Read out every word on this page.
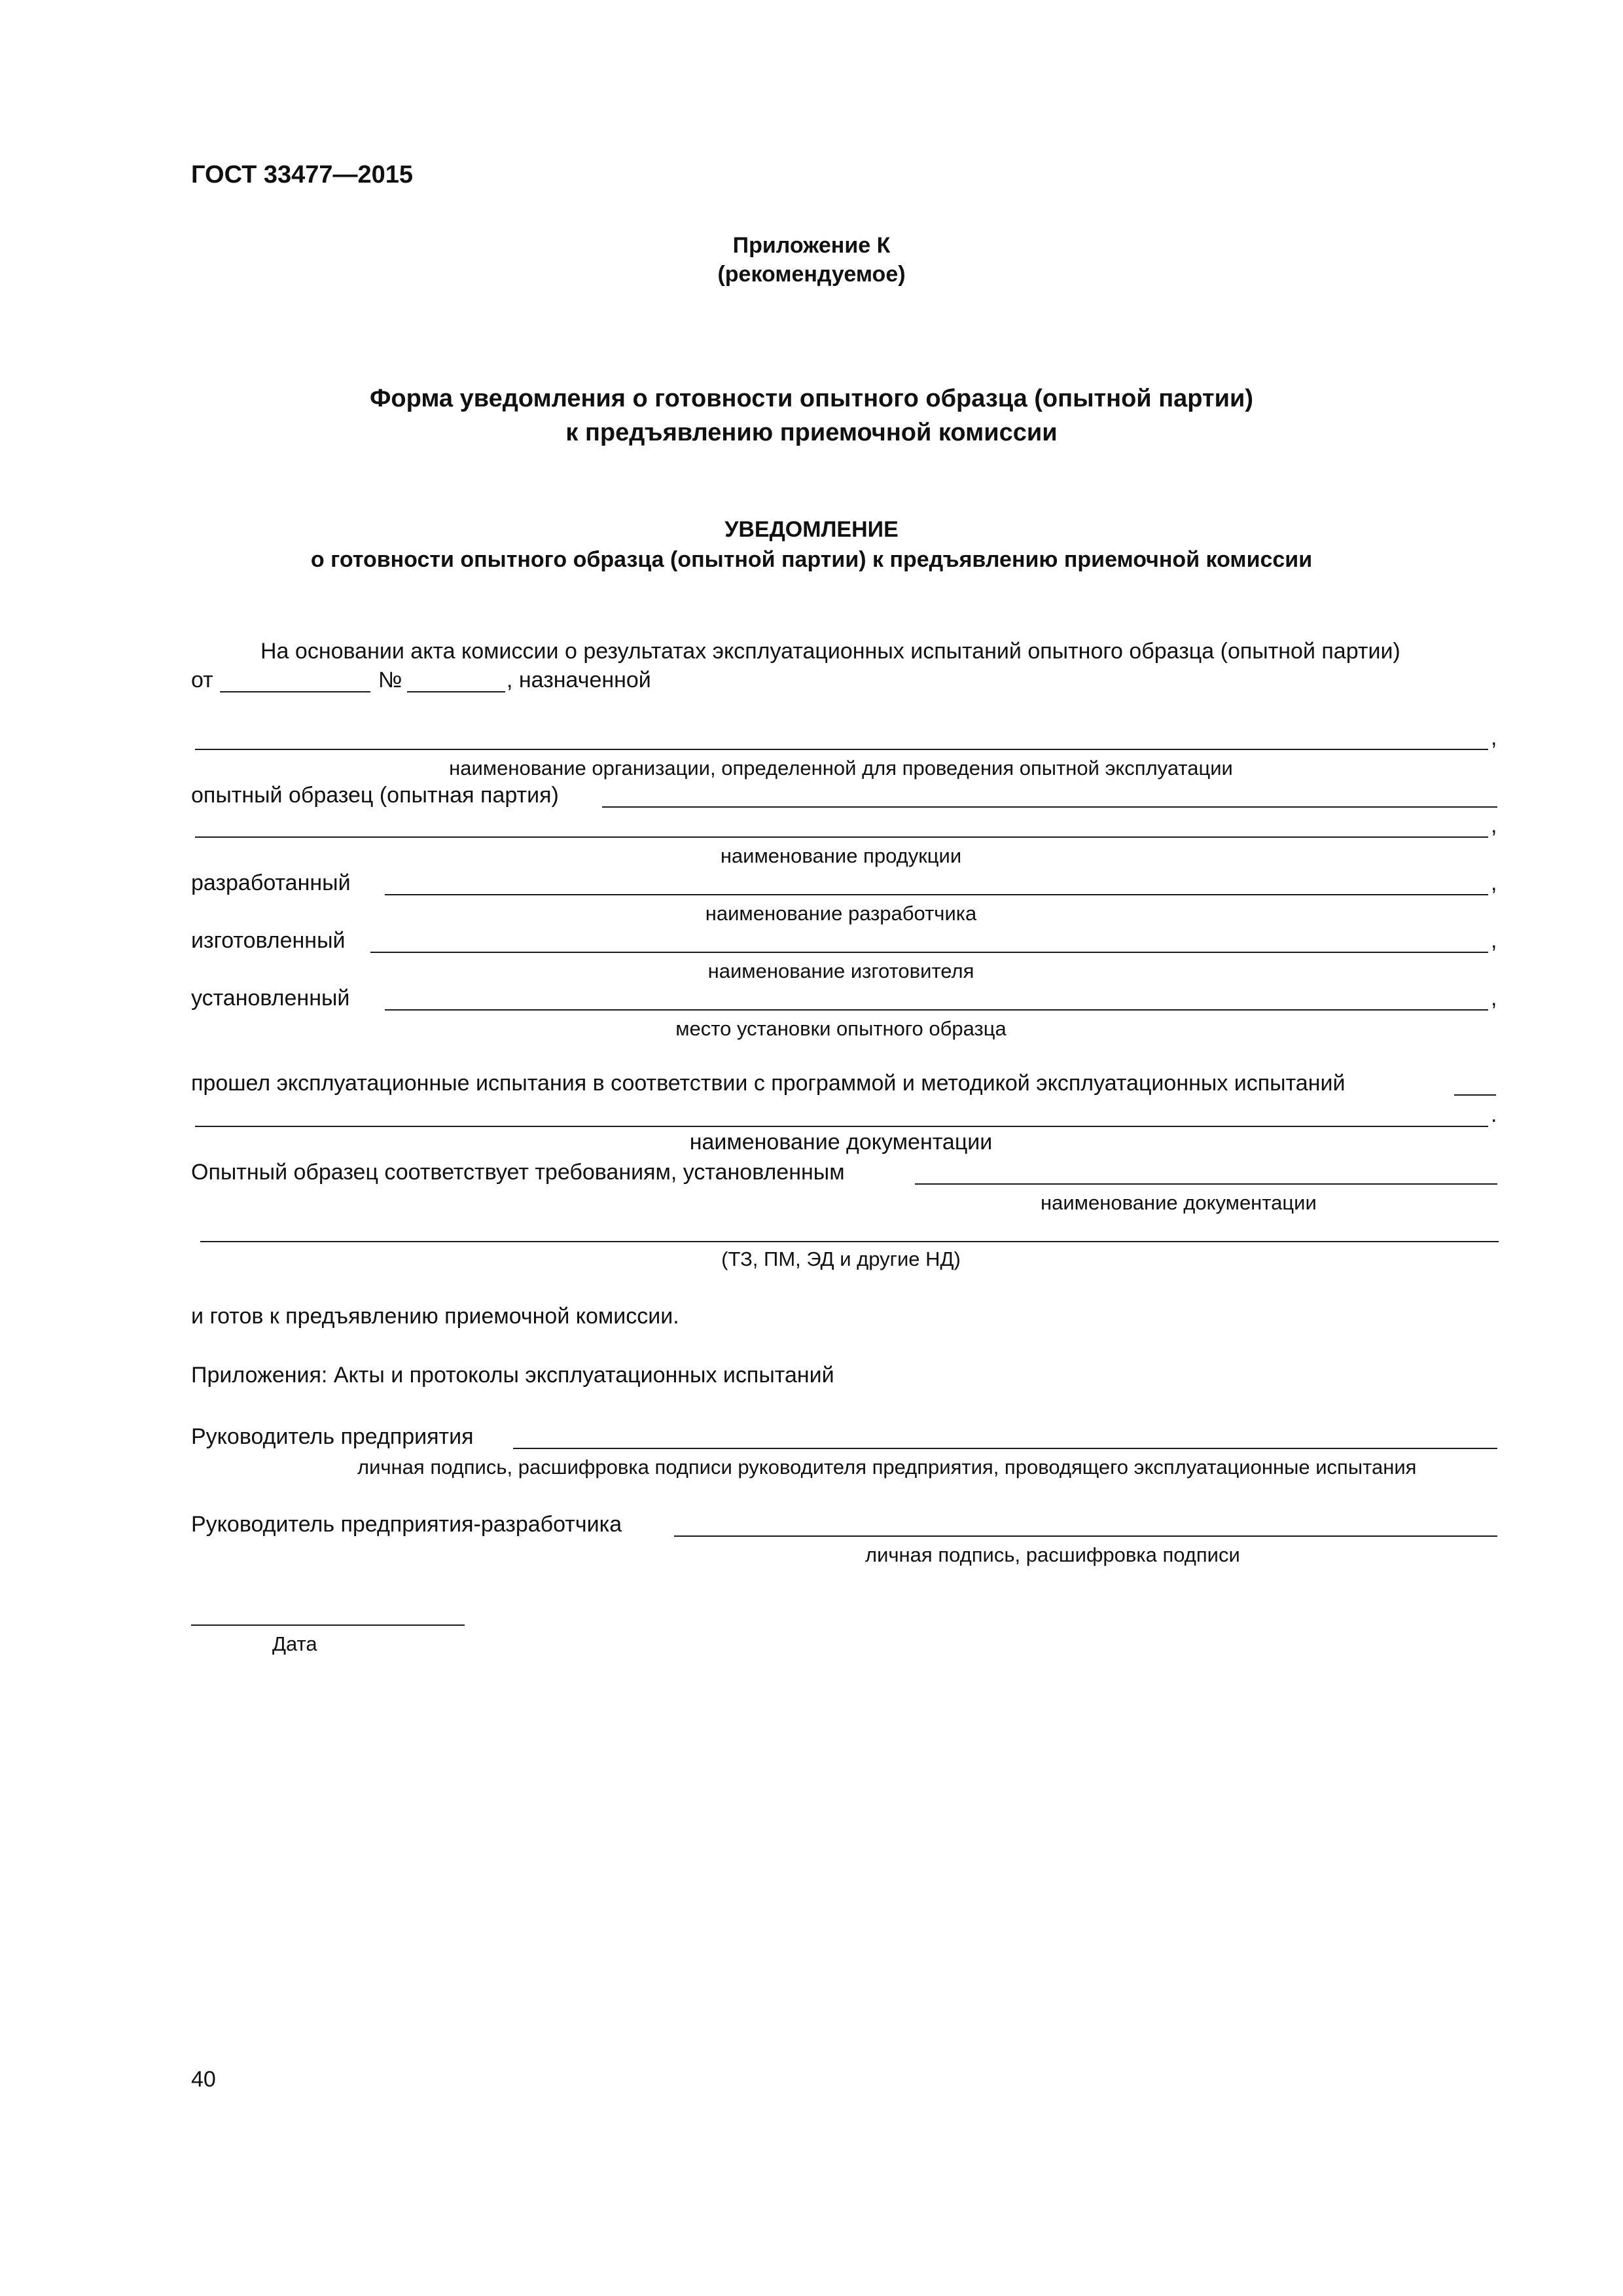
ГОСТ 33477—2015
Приложение К
(рекомендуемое)
Форма уведомления о готовности опытного образца (опытной партии)
к предъявлению приемочной комиссии
УВЕДОМЛЕНИЕ
о готовности опытного образца (опытной партии) к предъявлению приемочной комиссии
На основании акта комиссии о результатах эксплуатационных испытаний опытного образца (опытной партии)
от	№	, назначенной
,
наименование организации, определенной для проведения опытной эксплуатации
опытный образец (опытная партия)
,
наименование продукции
разработанный	,
наименование разработчика
изготовленный	,
наименование изготовителя
установленный	,
место установки опытного образца
прошел эксплуатационные испытания в соответствии с программой и методикой эксплуатационных испытаний
.
наименование документации
Опытный образец соответствует требованиям, установленным
наименование документации
(ТЗ, ПМ, ЭД и другие НД)
и готов к предъявлению приемочной комиссии.
Приложения: Акты и протоколы эксплуатационных испытаний
Руководитель предприятия
личная подпись, расшифровка подписи руководителя предприятия, проводящего эксплуатационные испытания
Руководитель предприятия-разработчика
личная подпись, расшифровка подписи
Дата
40
